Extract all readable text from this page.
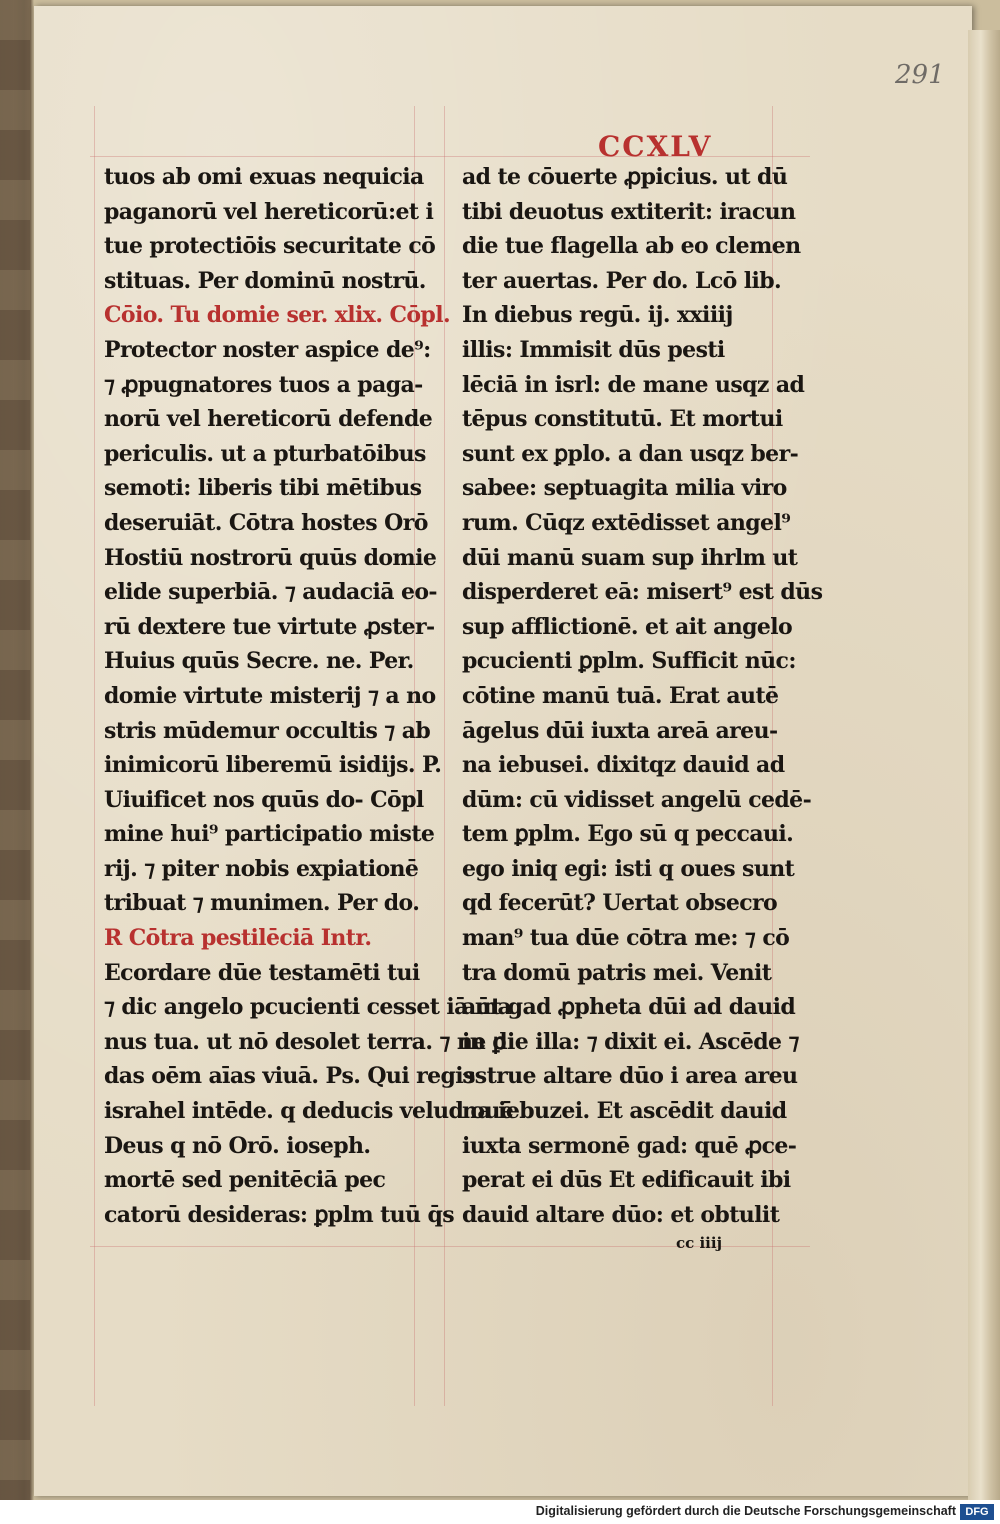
291
CCXLV
tuos ab omi exuas nequicia
paganorū vel hereticorū:et i
tue protectiōis securitate cō
stituas. Per dominū nostrū.
Cōio. Tu domie ser. xlix. Cōpl.
Protector noster aspice de⁹:
⁊ ꝓpugnatores tuos a paga-
norū vel hereticorū defende
periculis. ut a pturbatōibus
semoti: liberis tibi mētibus
deseruiāt. Cōtra hostes Orō
Hostiū nostrorū quūs domie
elide superbiā. ⁊ audaciā eo-
rū dextere tue virtute ꝓster-
Huius quūs Secre. ne. Per.
domie virtute misterij ⁊ a no
stris mūdemur occultis ⁊ ab
inimicorū liberemū isidijs. P.
Uiuificet nos quūs do- Cōpl
mine hui⁹ participatio miste
rij. ⁊ piter nobis expiationē
tribuat ⁊ munimen. Per do.
R Cōtra pestilēciā Intr.
Ecordare dūe testamēti tui
⁊ dic angelo pcucienti cesset iā ma
nus tua. ut nō desolet terra. ⁊ ne ꝑ
das oēm aīas viuā. Ps. Qui regis
israhel intēde. q deducis velud ouē
Deus q nō Orō. ioseph.
mortē sed penitēciā pec
catorū desideras: ꝑplm tuū q̄s
ad te cōuerte ꝓpicius. ut dū
tibi deuotus extiterit: iracun
die tue flagella ab eo clemen
ter auertas. Per do. Lcō lib.
In diebus regū. ij. xxiiij
illis: Immisit dūs pesti
lēciā in isrl: de mane usqz ad
tēpus constitutū. Et mortui
sunt ex ꝑplo. a dan usqz ber-
sabee: septuagita milia viro
rum. Cūqz extēdisset angel⁹
dūi manū suam sup ihrlm ut
disperderet eā: misert⁹ est dūs
sup afflictionē. et ait angelo
pcucienti ꝑplm. Sufficit nūc:
cōtine manū tuā. Erat autē
āgelus dūi iuxta areā areu-
na iebusei. dixitqz dauid ad
dūm: cū vidisset angelū cedē-
tem ꝑplm. Ego sū q peccaui.
ego iniq egi: isti q oues sunt
qd fecerūt? Uertat obsecro
man⁹ tua dūe cōtra me: ⁊ cō
tra domū patris mei. Venit
aūt gad ꝓpheta dūi ad dauid
in die illa: ⁊ dixit ei. Ascēde ⁊
ɔstrue altare dūo i area areu
na iebuzei. Et ascēdit dauid
iuxta sermonē gad: quē ꝓce-
perat ei dūs Et edificauit ibi
dauid altare dūo: et obtulit
cc iiij
Digitalisierung gefördert durch die Deutsche Forschungsgemeinschaft DFG
